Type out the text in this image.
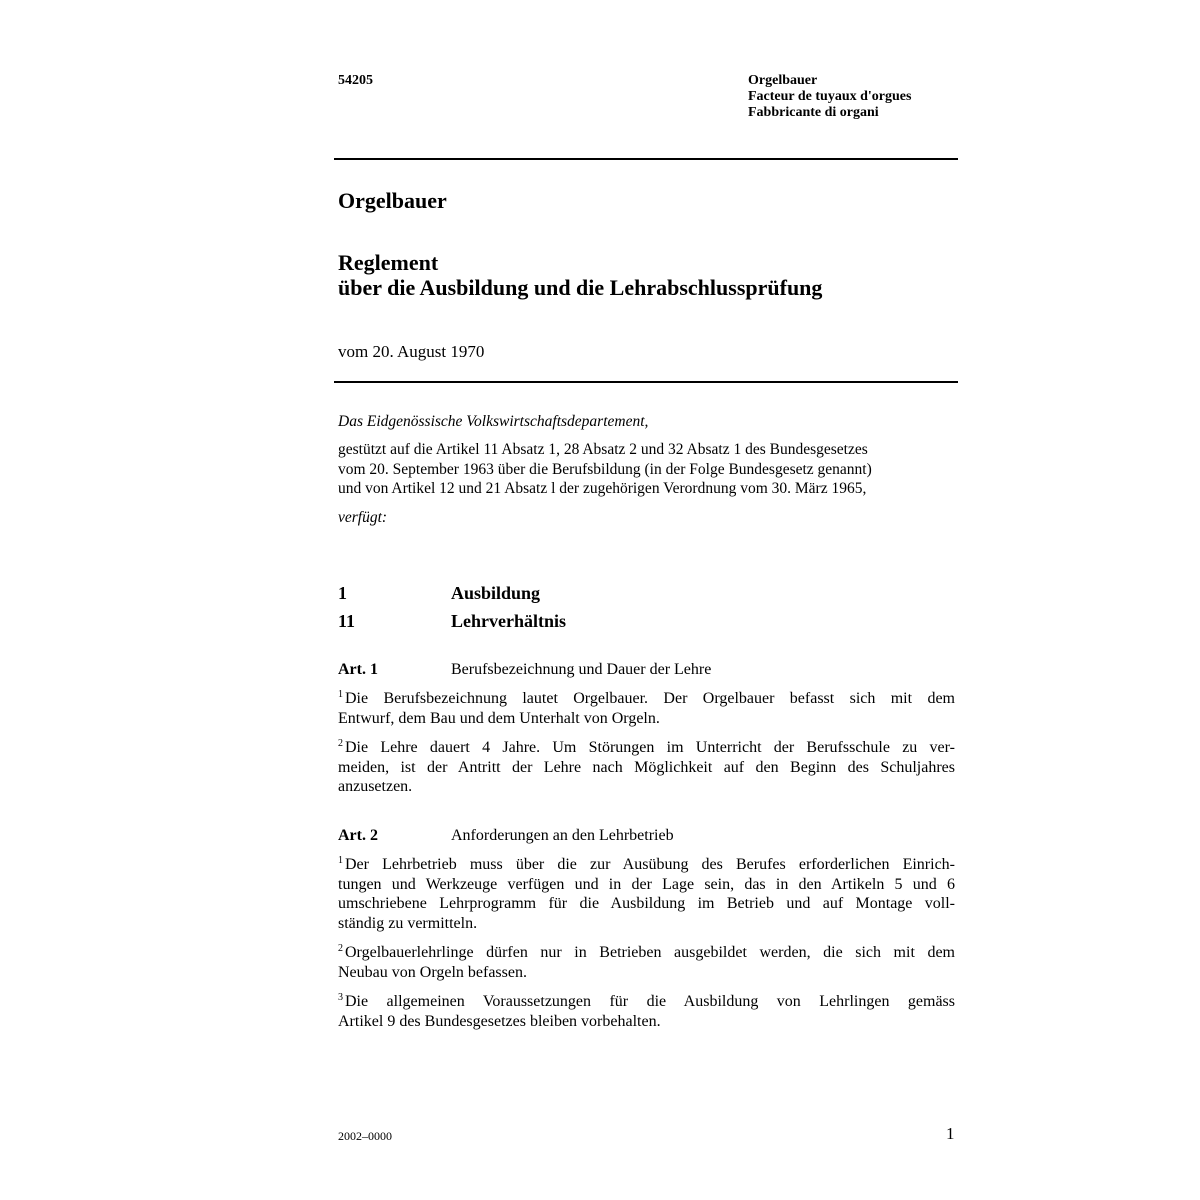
54205	Orgelbauer
Facteur de tuyaux d'orgues
Fabbricante di organi
Orgelbauer
Reglement
über die Ausbildung und die Lehrabschlussprüfung
vom 20. August 1970
Das Eidgenössische Volkswirtschaftsdepartement,
gestützt auf die Artikel 11 Absatz 1, 28 Absatz 2 und 32 Absatz 1 des Bundesgesetzes
vom 20. September 1963 über die Berufsbildung (in der Folge Bundesgesetz genannt)
und von Artikel 12 und 21 Absatz l der zugehörigen Verordnung vom 30. März 1965,
verfügt:
1	Ausbildung
11	Lehrverhältnis
Art. 1	Berufsbezeichnung und Dauer der Lehre
$^1$ Die Berufsbezeichnung lautet Orgelbauer. Der Orgelbauer befasst sich mit dem
Entwurf, dem Bau und dem Unterhalt von Orgeln.
$^2$ Die Lehre dauert 4 Jahre. Um Störungen im Unterricht der Berufsschule zu ver-
meiden, ist der Antritt der Lehre nach Möglichkeit auf den Beginn des Schuljahres
anzusetzen.
Art. 2	Anforderungen an den Lehrbetrieb
$^1$ Der Lehrbetrieb muss über die zur Ausübung des Berufes erforderlichen Einrich-
tungen und Werkzeuge verfügen und in der Lage sein, das in den Artikeln 5 und 6
umschriebene Lehrprogramm für die Ausbildung im Betrieb und auf Montage voll-
ständig zu vermitteln.
$^2$ Orgelbauerlehrlinge dürfen nur in Betrieben ausgebildet werden, die sich mit dem
Neubau von Orgeln befassen.
$^3$ Die allgemeinen Voraussetzungen für die Ausbildung von Lehrlingen gemäss
Artikel 9 des Bundesgesetzes bleiben vorbehalten.
2002–0000	1
